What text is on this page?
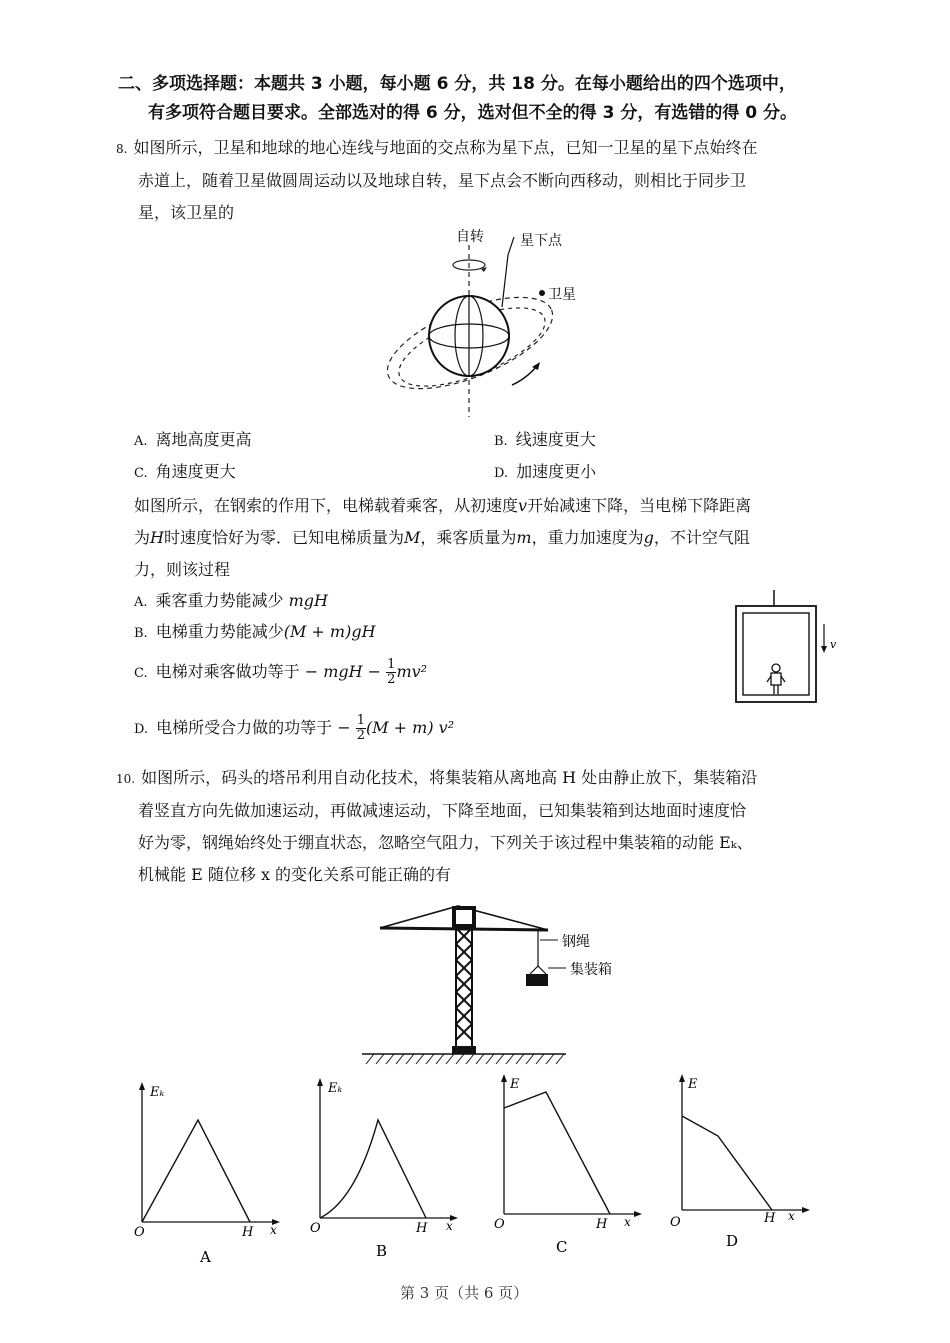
二、多项选择题：本题共 3 小题，每小题 6 分，共 18 分。在每小题给出的四个选项中，
有多项符合题目要求。全部选对的得 6 分，选对但不全的得 3 分，有选错的得 0 分。
8. 如图所示，卫星和地球的地心连线与地面的交点称为星下点，已知一卫星的星下点始终在
赤道上，随着卫星做圆周运动以及地球自转，星下点会不断向西移动，则相比于同步卫
星，该卫星的
自转	星下点
卫星
A. 离地高度更高	B. 线速度更大
C. 角速度更大	D. 加速度更小
如图所示，在钢索的作用下，电梯载着乘客，从初速度v开始减速下降，当电梯下降距离
为H时速度恰好为零．已知电梯质量为M，乘客质量为m，重力加速度为g，不计空气阻
力，则该过程
A. 乘客重力势能减少 mgH
B. 电梯重力势能减少(M + m)gH
C. 电梯对乘客做功等于 − mgH − $\frac{1}{2} mv^2$
D. 电梯所受合力做的功等于 − $\frac{1}{2} (M + m)$ v²
v
10. 如图所示，码头的塔吊利用自动化技术，将集装箱从离地高 H 处由静止放下，集装箱沿
着竖直方向先做加速运动，再做减速运动，下降至地面，已知集装箱到达地面时速度恰
好为零，钢绳始终处于绷直状态，忽略空气阻力，下列关于该过程中集装箱的动能 Eₖ、
机械能 E 随位移 x 的变化关系可能正确的有
钢绳
集装箱
Eₖ
O	H x
A
Eₖ
O	H x
B
E
O	H x
C
E
O	H x
D
第 3 页（共 6 页）
